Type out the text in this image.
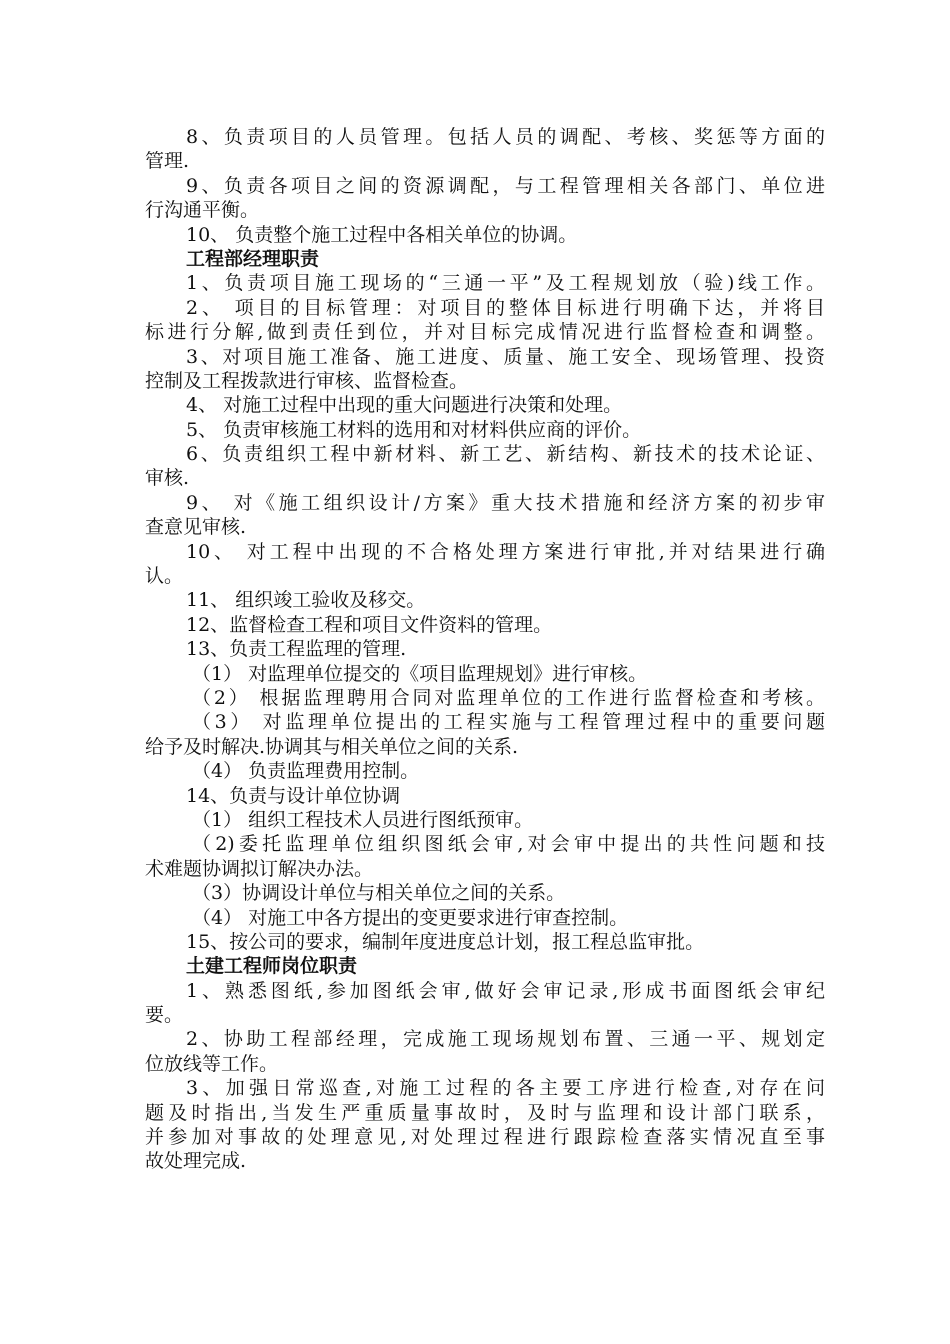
8、负责项目的人员管理。包括人员的调配、考核、奖惩等方面的
管理.
9、负责各项目之间的资源调配，与工程管理相关各部门、单位进
行沟通平衡。
10、 负责整个施工过程中各相关单位的协调。
工程部经理职责
1、负责项目施工现场的“三通一平”及工程规划放（验)线工作。
2、 项目的目标管理：对项目的整体目标进行明确下达，并将目
标进行分解,做到责任到位，并对目标完成情况进行监督检查和调整。
3、对项目施工准备、施工进度、质量、施工安全、现场管理、投资
控制及工程拨款进行审核、监督检查。
4、 对施工过程中出现的重大问题进行决策和处理。
5、 负责审核施工材料的选用和对材料供应商的评价。
6、负责组织工程中新材料、新工艺、新结构、新技术的技术论证、
审核.
9、 对《施工组织设计/方案》重大技术措施和经济方案的初步审
查意见审核.
10、 对工程中出现的不合格处理方案进行审批,并对结果进行确
认。
11、 组织竣工验收及移交。
12、监督检查工程和项目文件资料的管理。
13、负责工程监理的管理.
（1） 对监理单位提交的《项目监理规划》进行审核。
（2） 根据监理聘用合同对监理单位的工作进行监督检查和考核。
（3） 对监理单位提出的工程实施与工程管理过程中的重要问题
给予及时解决.协调其与相关单位之间的关系.
（4） 负责监理费用控制。
14、负责与设计单位协调
（1） 组织工程技术人员进行图纸预审。
（2)委托监理单位组织图纸会审,对会审中提出的共性问题和技
术难题协调拟订解决办法。
（3）协调设计单位与相关单位之间的关系。
（4） 对施工中各方提出的变更要求进行审查控制。
15、按公司的要求，编制年度进度总计划，报工程总监审批。
土建工程师岗位职责
1、熟悉图纸,参加图纸会审,做好会审记录,形成书面图纸会审纪
要。
2、协助工程部经理，完成施工现场规划布置、三通一平、规划定
位放线等工作。
3、加强日常巡查,对施工过程的各主要工序进行检查,对存在问
题及时指出,当发生严重质量事故时，及时与监理和设计部门联系，
并参加对事故的处理意见,对处理过程进行跟踪检查落实情况直至事
故处理完成.
